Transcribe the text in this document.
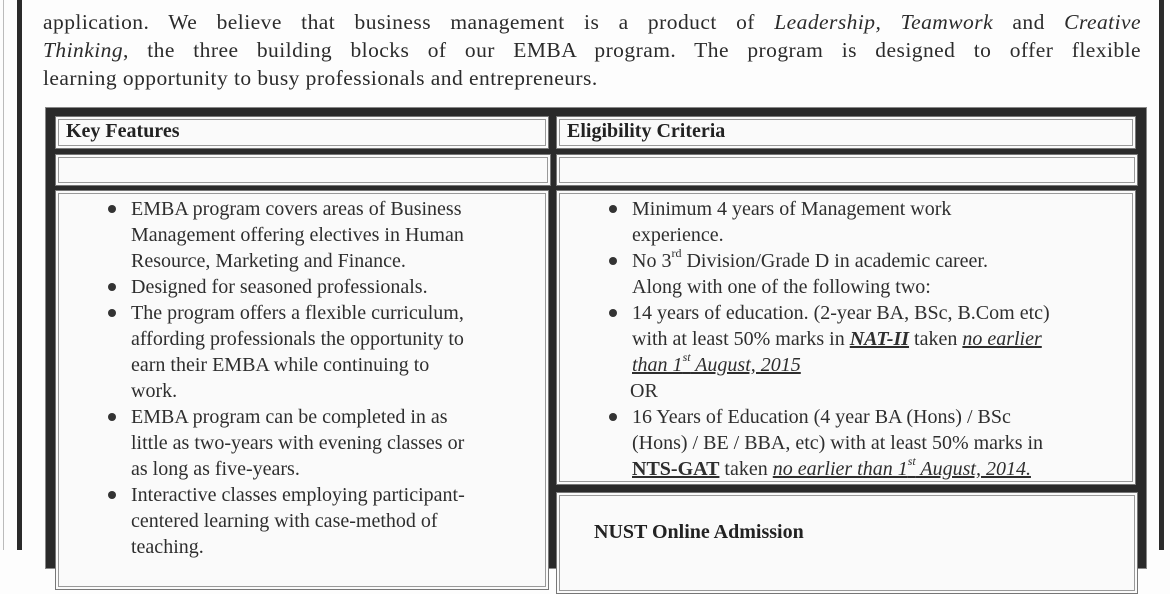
application. We believe that business management is a product of Leadership, Teamwork and Creative
Thinking, the three building blocks of our EMBA program. The program is designed to offer flexible
learning opportunity to busy professionals and entrepreneurs.
Key Features	Eligibility Criteria
EMBA program covers areas of Business
Management offering electives in Human
Resource, Marketing and Finance.
Designed for seasoned professionals.
The program offers a flexible curriculum,
affording professionals the opportunity to
earn their EMBA while continuing to
work.
EMBA program can be completed in as
little as two-years with evening classes or
as long as five-years.
Interactive classes employing participant-
centered learning with case-method of
teaching.
Minimum 4 years of Management work
experience.
No 3rd Division/Grade D in academic career.
Along with one of the following two:
14 years of education. (2-year BA, BSc, B.Com etc)
with at least 50% marks in NAT-II taken no earlier
than 1st August, 2015
OR
16 Years of Education (4 year BA (Hons) / BSc
(Hons) / BE / BBA, etc) with at least 50% marks in
NTS-GAT taken no earlier than 1st August, 2014.
NUST Online Admission
